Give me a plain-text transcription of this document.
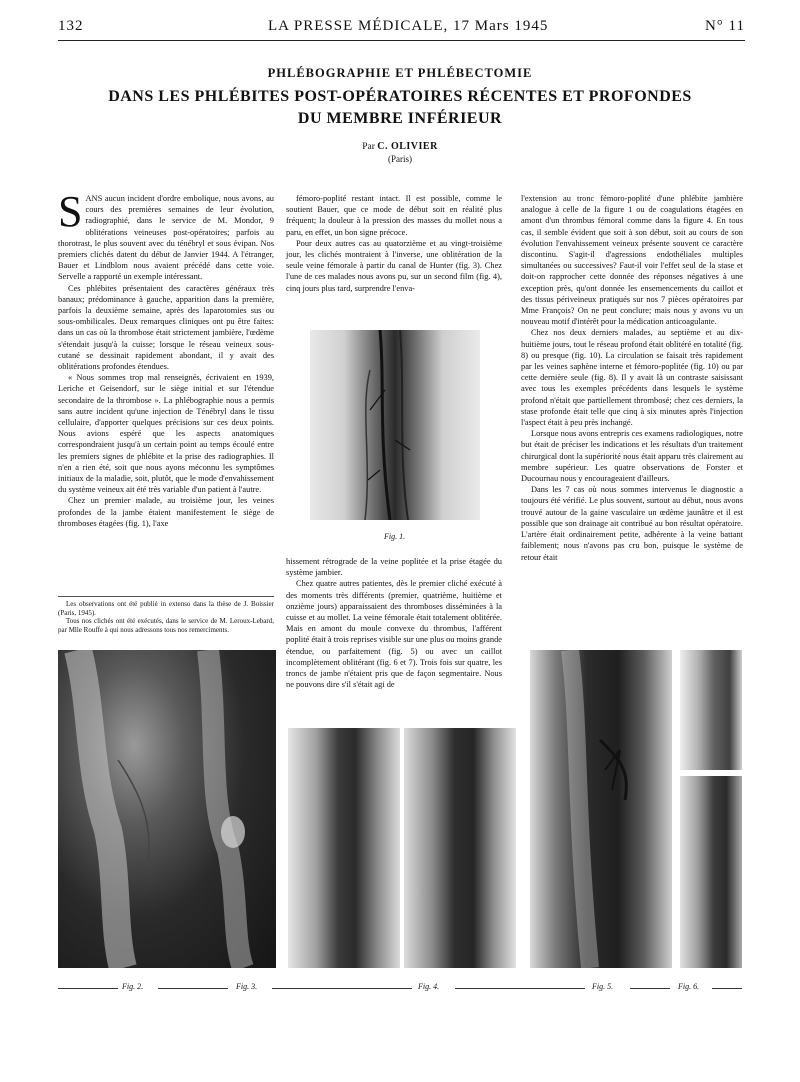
132	LA PRESSE MÉDICALE, 17 Mars 1945	N° 11
PHLÉBOGRAPHIE ET PHLÉBECTOMIE
DANS LES PHLÉBITES POST-OPÉRATOIRES RÉCENTES ET PROFONDES
DU MEMBRE INFÉRIEUR
Par C. OLIVIER
(Paris)

S ANS aucun incident d'ordre embolique, nous avons, au cours des premières semaines de leur évolution, radiographié, dans le service de M. Mondor, 9 oblitérations veineuses post-opératoires; parfois au thorotrast, le plus souvent avec du ténébryl et sous évipan. Nos premiers clichés datent du début de Janvier 1944. A l'étranger, Bauer et Lindblom nous avaient précédé dans cette voie. Servelle a rapporté un exemple intéressant.

Ces phlébites présentaient des caractères généraux très banaux; prédominance à gauche, apparition dans la première, parfois la deuxième semaine, après des laparotomies sus ou sous-ombilicales. Deux remarques cliniques ont pu être faites: dans un cas où la thrombose était strictement jambière, l'œdème s'étendait jusqu'à la cuisse; lorsque le réseau veineux sous-cutané se dessinait rapidement abondant, il y avait des oblitérations profondes étendues.

« Nous sommes trop mal renseignés, écrivaient en 1939, Leriche et Geisendorf, sur le siège initial et sur l'étendue secondaire de la thrombose ». La phlébographie nous a permis sans autre incident qu'une injection de Ténébryl dans le tissu cellulaire, d'apporter quelques précisions sur ces deux points. Nous avions espéré que les aspects anatomiques correspondraient jusqu'à un certain point au temps écoulé entre les premiers signes de phlébite et la prise des radiographies. Il n'en a rien été, soit que nous ayons méconnu les symptômes initiaux de la maladie, soit, plutôt, que le mode d'envahissement du système veineux ait été très variable d'un patient à l'autre.

Chez un premier malade, au troisième jour, les veines profondes de la jambe étaient manifestement le siège de thromboses étagées (fig. 1), l'axe

Les observations ont été publié in extenso dans la thèse de J. Boissier (Paris, 1945).

Tous nos clichés ont été exécutés, dans le service de M. Leroux-Lebard, par Mlle Rouffe à qui nous adressons tous nos remerciments.

fémoro-poplité restant intact. Il est possible, comme le soutient Bauer, que ce mode de début soit en réalité plus fréquent; la douleur à la pression des masses du mollet nous a paru, en effet, un bon signe précoce.

Pour deux autres cas au quatorzième et au vingt-troisième jour, les clichés montraient à l'inverse, une oblitération de la seule veine fémorale à partir du canal de Hunter (fig. 3). Chez l'une de ces malades nous avons pu, sur un second film (fig. 4), cinq jours plus tard, surprendre l'enva-

Fig. 1.

hissement rétrograde de la veine poplitée et la prise étagée du système jambier.

Chez quatre autres patientes, dès le premier cliché exécuté à des moments très différents (premier, quatrième, huitième et onzième jours) apparaissaient des thromboses disséminées à la cuisse et au mollet. La veine fémorale était totalement oblitérée. Mais en amont du moule convexe du thrombus, l'afférent poplité était à trois reprises visible sur une plus ou moins grande étendue, ou parfaitement (fig. 5) ou avec un caillot incomplètement oblitérant (fig. 6 et 7). Trois fois sur quatre, les troncs de jambe n'étaient pris que de façon segmentaire. Nous ne pouvons dire s'il s'était agi de

l'extension au tronc fémoro-poplité d'une phlébite jambière analogue à celle de la figure 1 ou de coagulations étagées en amont d'un thrombus fémoral comme dans la figure 4. En tous cas, il semble évident que soit à son début, soit au cours de son évolution l'envahissement veineux présente souvent ce caractère discontinu. S'agit-il d'agressions endothéliales multiples simultanées ou successives? Faut-il voir l'effet seul de la stase et doit-on rapprocher cette donnée des réponses négatives à une exception près, qu'ont donnée les ensemencements du caillot et des tissus périveineux pratiqués sur nos 7 pièces opératoires par Mme François? On ne peut conclure; mais nous y avons vu un nouveau motif d'intérêt pour la médication anticoagulante.

Chez nos deux derniers malades, au septième et au dix-huitième jours, tout le réseau profond était oblitéré en totalité (fig. 8) ou presque (fig. 10). La circulation se faisait très rapidement par les veines saphène interne et fémoro-poplitée (fig. 10) ou par cette dernière seule (fig. 8). Il y avait là un contraste saisissant avec tous les exemples précédents dans lesquels le système profond n'était que partiellement thrombosé; chez ces derniers, la stase profonde était telle que cinq à six minutes après l'injection l'aspect était à peu près inchangé.

Lorsque nous avons entrepris ces examens radiologiques, notre but était de préciser les indications et les résultats d'un traitement chirurgical dont la supériorité nous était apparu très clairement au membre supérieur. Les quatre observations de Forster et Ducournau nous y encourageaient d'ailleurs.

Dans les 7 cas où nous sommes intervenus le diagnostic a toujours été vérifié. Le plus souvent, surtout au début, nous avons trouvé autour de la gaine vasculaire un œdème jaunâtre et il est possible que son drainage ait contribué au bon résultat opératoire. L'artère était ordinairement petite, adhérente à la veine battant faiblement; nous n'avons pas cru bon, puisque le système de retour était

Fig. 2.	Fig. 3.	Fig. 4.	Fig. 5.	Fig. 6.
